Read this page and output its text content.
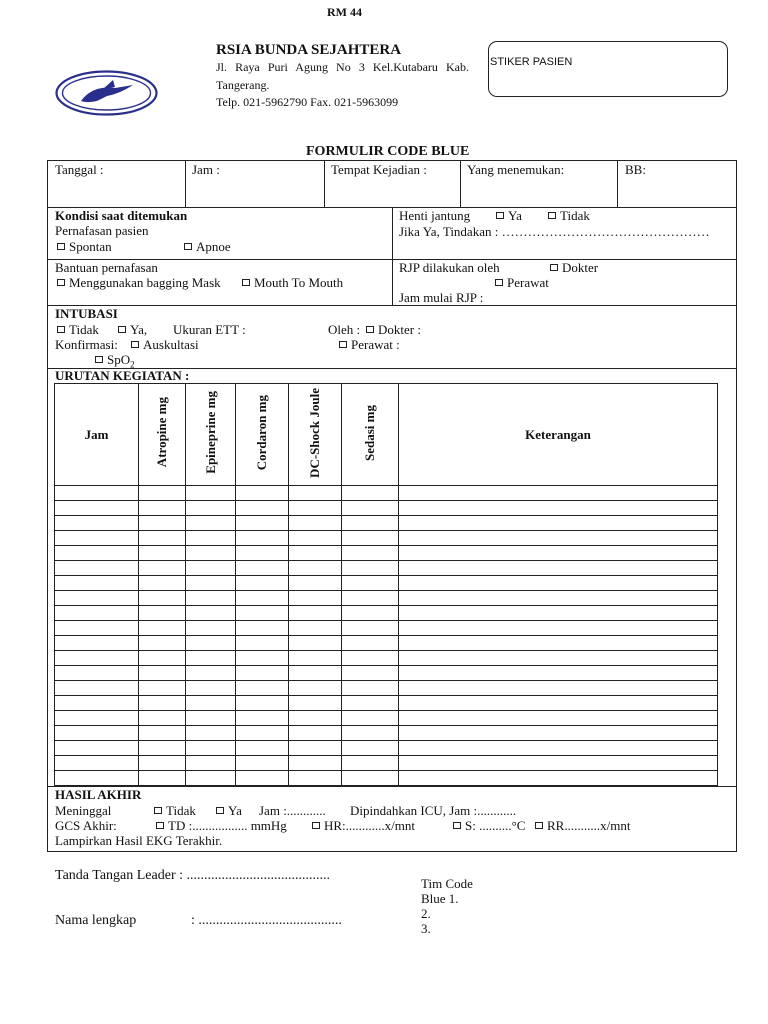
RM 44
RSIA BUNDA SEJAHTERA
Jl. Raya Puri Agung No 3 Kel.Kutabaru Kab.
Tangerang.
Telp. 021-5962790 Fax. 021-5963099
STIKER PASIEN
FORMULIR CODE BLUE
Tanggal :	Jam :	Tempat Kejadian :	Yang menemukan:	BB:
Kondisi saat ditemukan
Pernafasan pasien
Spontan	Apnoe
Henti jantung	Ya	Tidak
Jika Ya, Tindakan : …………………………………………
Bantuan pernafasan
Menggunakan bagging Mask	Mouth To Mouth
RJP dilakukan oleh	Dokter
Perawat
Jam mulai RJP :
INTUBASI
Tidak	Ya, Ukuran ETT :	Oleh :	Dokter :
Konfirmasi:	Auskultasi	Perawat :
SpO$_2$
URUTAN KEGIATAN :
Jam	Atropine mg	Epineprine mg	Cordaron mg	DC-Shock Joule	Sedasi mg	Keterangan

HASIL AKHIR
Meninggal	Tidak	Ya Jam :............ Dipindahkan ICU, Jam :............
GCS Akhir:	TD :................. mmHg	HR:............x/mnt	S: ..........°C	RR...........x/mnt
Lampirkan Hasil EKG Terakhir.
Tanda Tangan Leader : .........................................
Nama lengkap	: .........................................
Tim Code
Blue 1.
2.
3.
